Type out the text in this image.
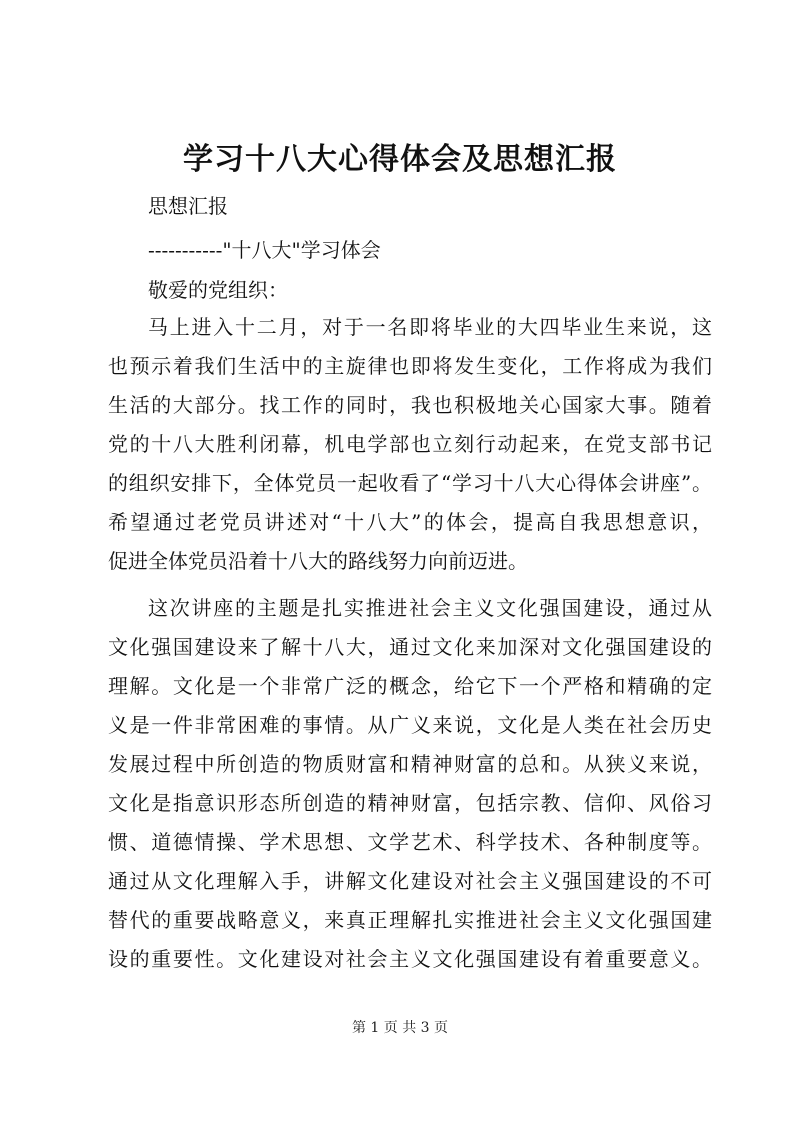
学习十八大心得体会及思想汇报
思想汇报
-----------"十八大"学习体会
敬爱的党组织：
马上进入十二月，对于一名即将毕业的大四毕业生来说，这
也预示着我们生活中的主旋律也即将发生变化，工作将成为我们
生活的大部分。找工作的同时，我也积极地关心国家大事。随着
党的十八大胜利闭幕，机电学部也立刻行动起来，在党支部书记
的组织安排下，全体党员一起收看了“学习十八大心得体会讲座”。
希望通过老党员讲述对“十八大”的体会，提高自我思想意识，
促进全体党员沿着十八大的路线努力向前迈进。
这次讲座的主题是扎实推进社会主义文化强国建设，通过从
文化强国建设来了解十八大，通过文化来加深对文化强国建设的
理解。文化是一个非常广泛的概念，给它下一个严格和精确的定
义是一件非常困难的事情。从广义来说，文化是人类在社会历史
发展过程中所创造的物质财富和精神财富的总和。从狭义来说，
文化是指意识形态所创造的精神财富，包括宗教、信仰、风俗习
惯、道德情操、学术思想、文学艺术、科学技术、各种制度等。
通过从文化理解入手，讲解文化建设对社会主义强国建设的不可
替代的重要战略意义，来真正理解扎实推进社会主义文化强国建
设的重要性。文化建设对社会主义文化强国建设有着重要意义。
第 1 页 共 3 页
